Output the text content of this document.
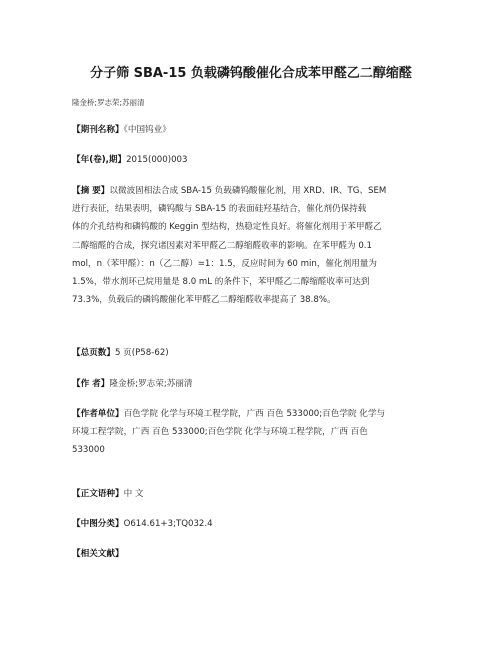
分子筛 SBA-15 负载磷钨酸催化合成苯甲醛乙二醇缩醛
隆金桥;罗志荣;苏丽清
【期刊名称】《中国钨业》
【年(卷),期】2015(000)003
【摘 要】以微波固相法合成 SBA-15 负载磷钨酸催化剂，用 XRD、IR、TG、SEM
进行表征，结果表明，磷钨酸与 SBA-15 的表面硅羟基结合，催化剂仍保持载
体的介孔结构和磷钨酸的 Keggin 型结构，热稳定性良好。将催化剂用于苯甲醛乙
二醇缩醛的合成，探究诸因素对苯甲醛乙二醇缩醛收率的影响。在苯甲醛为 0.1
mol，n（苯甲醛）：n（乙二醇）=1：1.5，反应时间为 60 min，催化剂用量为
1.5%，带水剂环己烷用量是 8.0 mL 的条件下，苯甲醛乙二醇缩醛收率可达到
73.3%，负载后的磷钨酸催化苯甲醛乙二醇缩醛收率提高了 38.8%。
【总页数】5 页(P58-62)
【作 者】隆金桥;罗志荣;苏丽清
【作者单位】百色学院 化学与环境工程学院，广西 百色 533000;百色学院 化学与
环境工程学院，广西 百色 533000;百色学院 化学与环境工程学院，广西 百色
533000
【正文语种】中 文
【中图分类】O614.61+3;TQ032.4
【相关文献】
